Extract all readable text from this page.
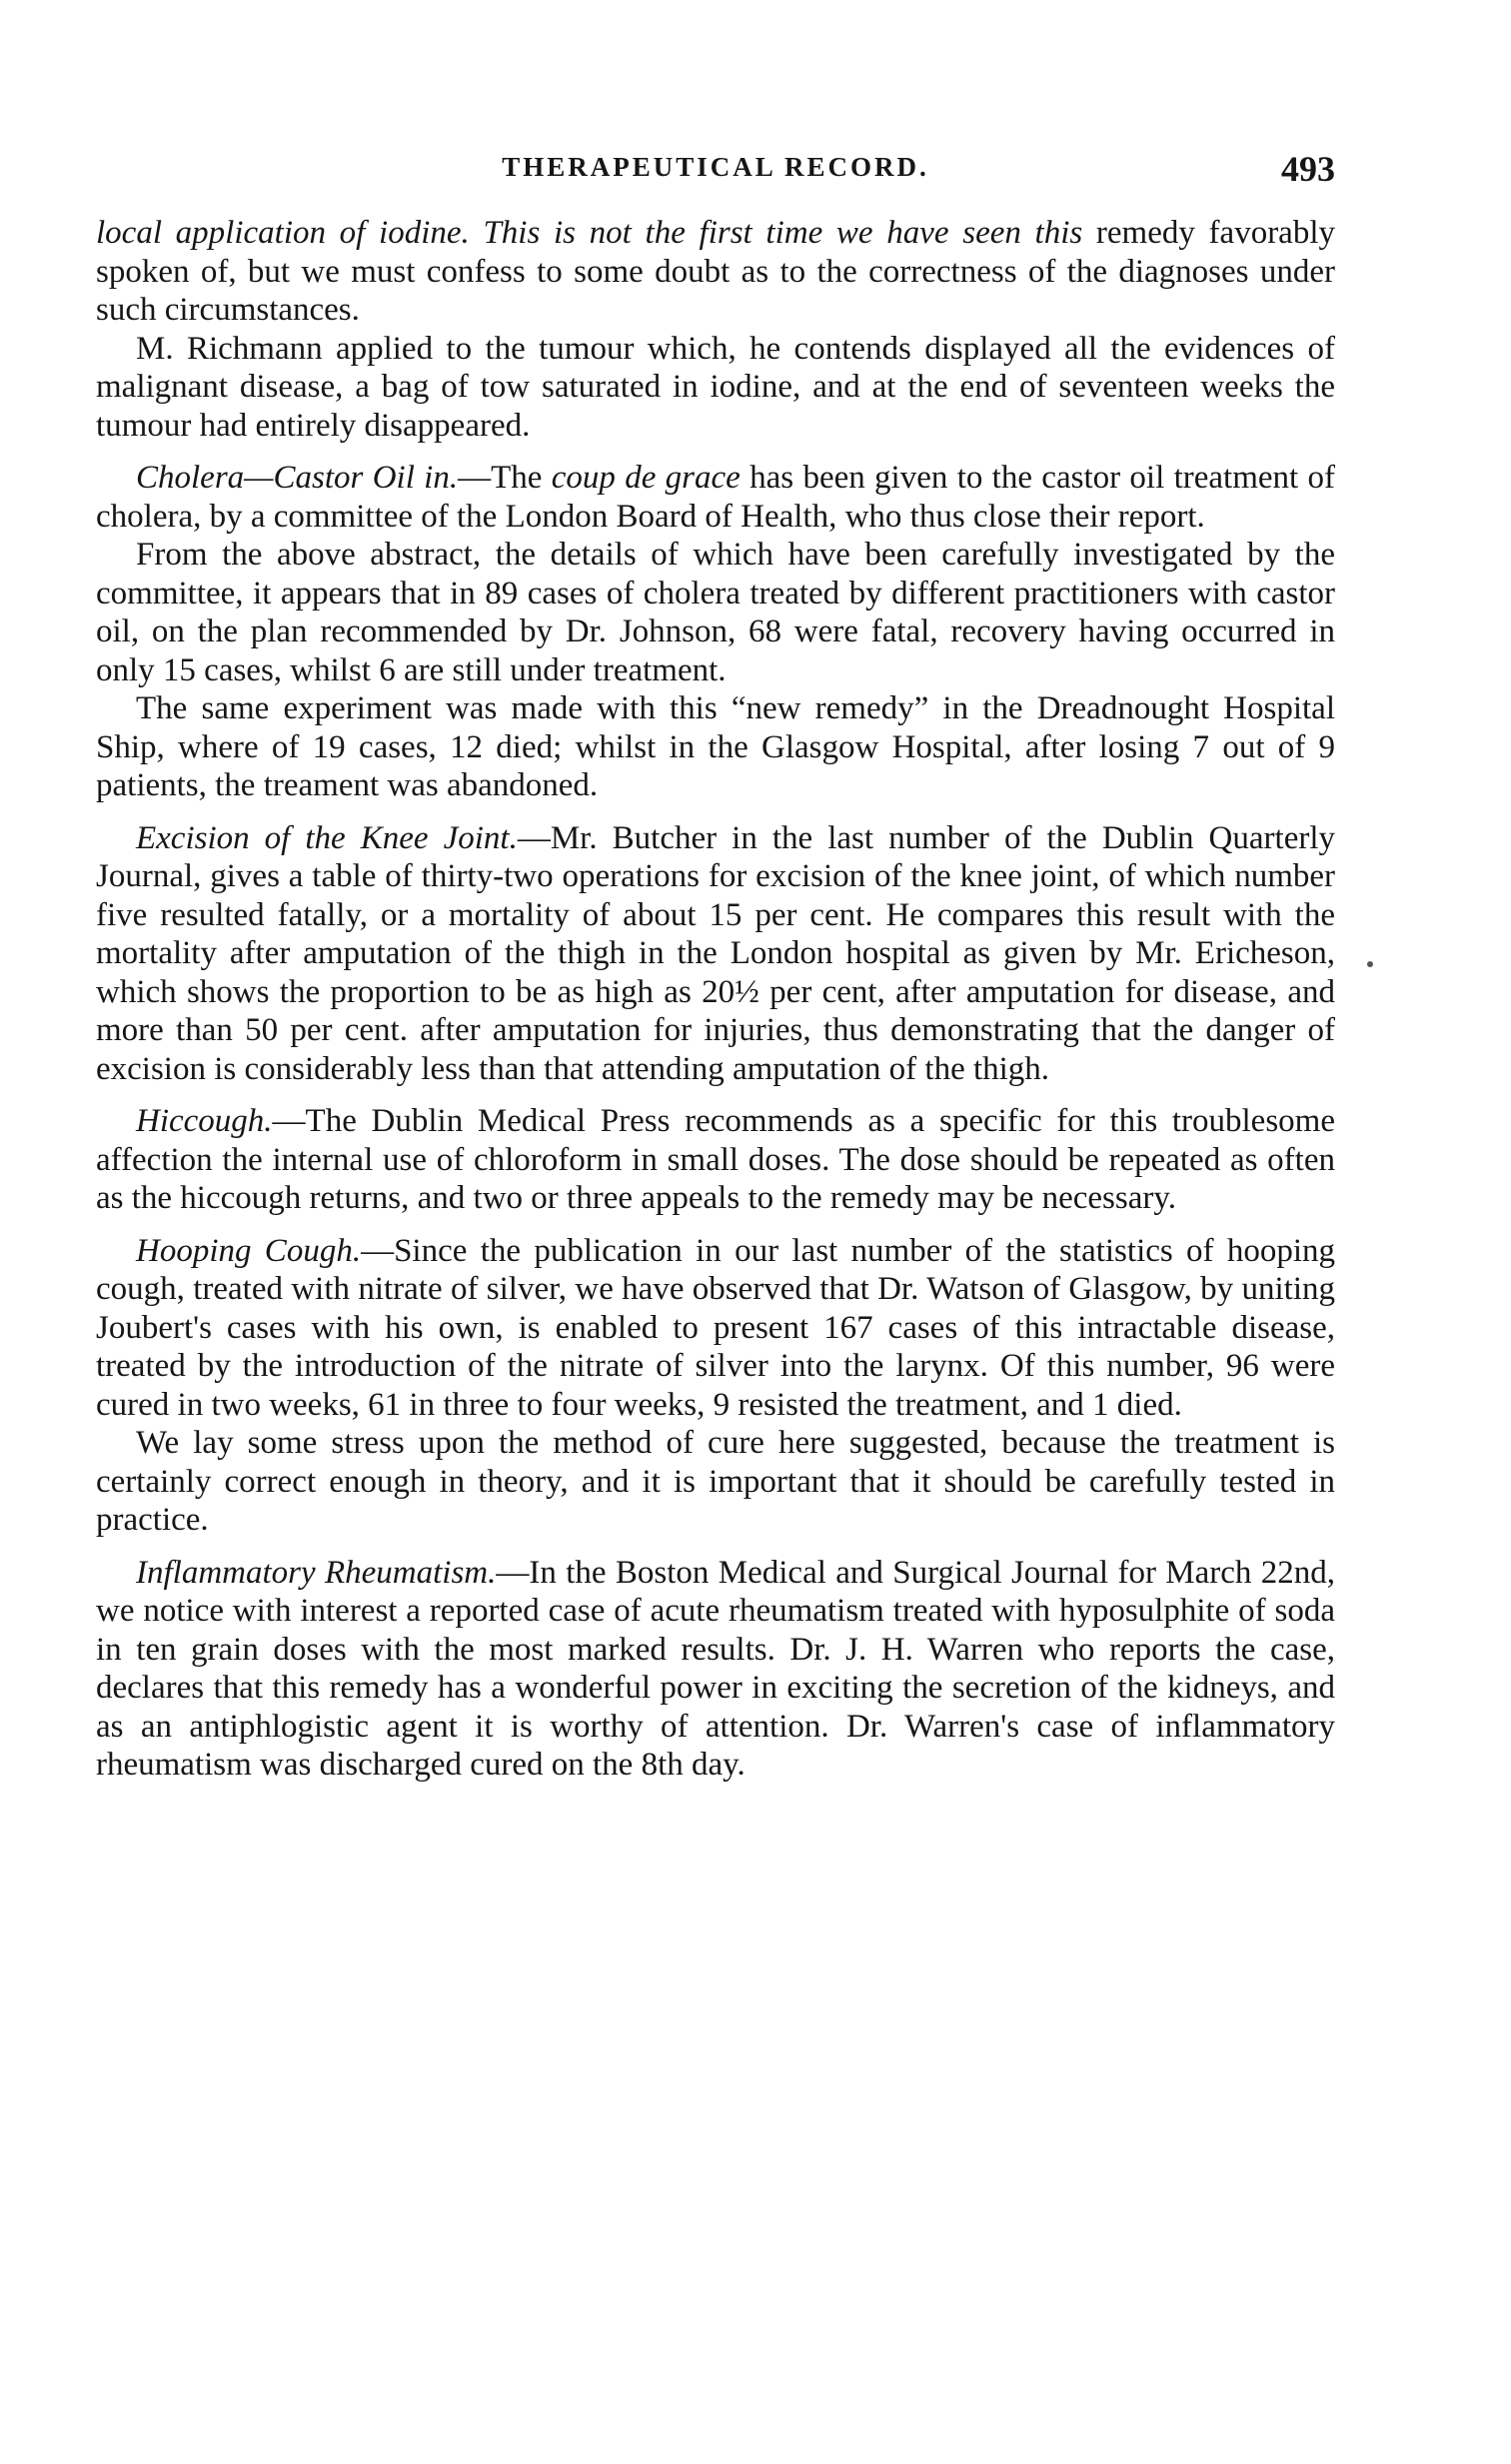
THERAPEUTICAL RECORD.	493

local application of iodine. This is not the first time we have seen this remedy favorably spoken of, but we must confess to some doubt as to the correctness of the diagnoses under such circumstances.

M. Richmann applied to the tumour which, he contends displayed all the evidences of malignant disease, a bag of tow saturated in iodine, and at the end of seventeen weeks the tumour had entirely disappeared.

Cholera—Castor Oil in.—The coup de grace has been given to the castor oil treatment of cholera, by a committee of the London Board of Health, who thus close their report.

From the above abstract, the details of which have been carefully investigated by the committee, it appears that in 89 cases of cholera treated by different practitioners with castor oil, on the plan recommended by Dr. Johnson, 68 were fatal, recovery having occurred in only 15 cases, whilst 6 are still under treatment.

The same experiment was made with this “new remedy” in the Dreadnought Hospital Ship, where of 19 cases, 12 died; whilst in the Glasgow Hospital, after losing 7 out of 9 patients, the treament was abandoned.

Excision of the Knee Joint.—Mr. Butcher in the last number of the Dublin Quarterly Journal, gives a table of thirty-two operations for excision of the knee joint, of which number five resulted fatally, or a mortality of about 15 per cent. He compares this result with the mortality after amputation of the thigh in the London hospital as given by Mr. Ericheson, which shows the proportion to be as high as 20½ per cent, after amputation for disease, and more than 50 per cent. after amputation for injuries, thus demonstrating that the danger of excision is considerably less than that attending amputation of the thigh.

Hiccough.—The Dublin Medical Press recommends as a specific for this troublesome affection the internal use of chloroform in small doses. The dose should be repeated as often as the hiccough returns, and two or three appeals to the remedy may be necessary.

Hooping Cough.—Since the publication in our last number of the statistics of hooping cough, treated with nitrate of silver, we have observed that Dr. Watson of Glasgow, by uniting Joubert's cases with his own, is enabled to present 167 cases of this intractable disease, treated by the introduction of the nitrate of silver into the larynx. Of this number, 96 were cured in two weeks, 61 in three to four weeks, 9 resisted the treatment, and 1 died.

We lay some stress upon the method of cure here suggested, because the treatment is certainly correct enough in theory, and it is important that it should be carefully tested in practice.

Inflammatory Rheumatism.—In the Boston Medical and Surgical Journal for March 22nd, we notice with interest a reported case of acute rheumatism treated with hyposulphite of soda in ten grain doses with the most marked results. Dr. J. H. Warren who reports the case, declares that this remedy has a wonderful power in exciting the secretion of the kidneys, and as an antiphlogistic agent it is worthy of attention. Dr. Warren's case of inflammatory rheumatism was discharged cured on the 8th day.
